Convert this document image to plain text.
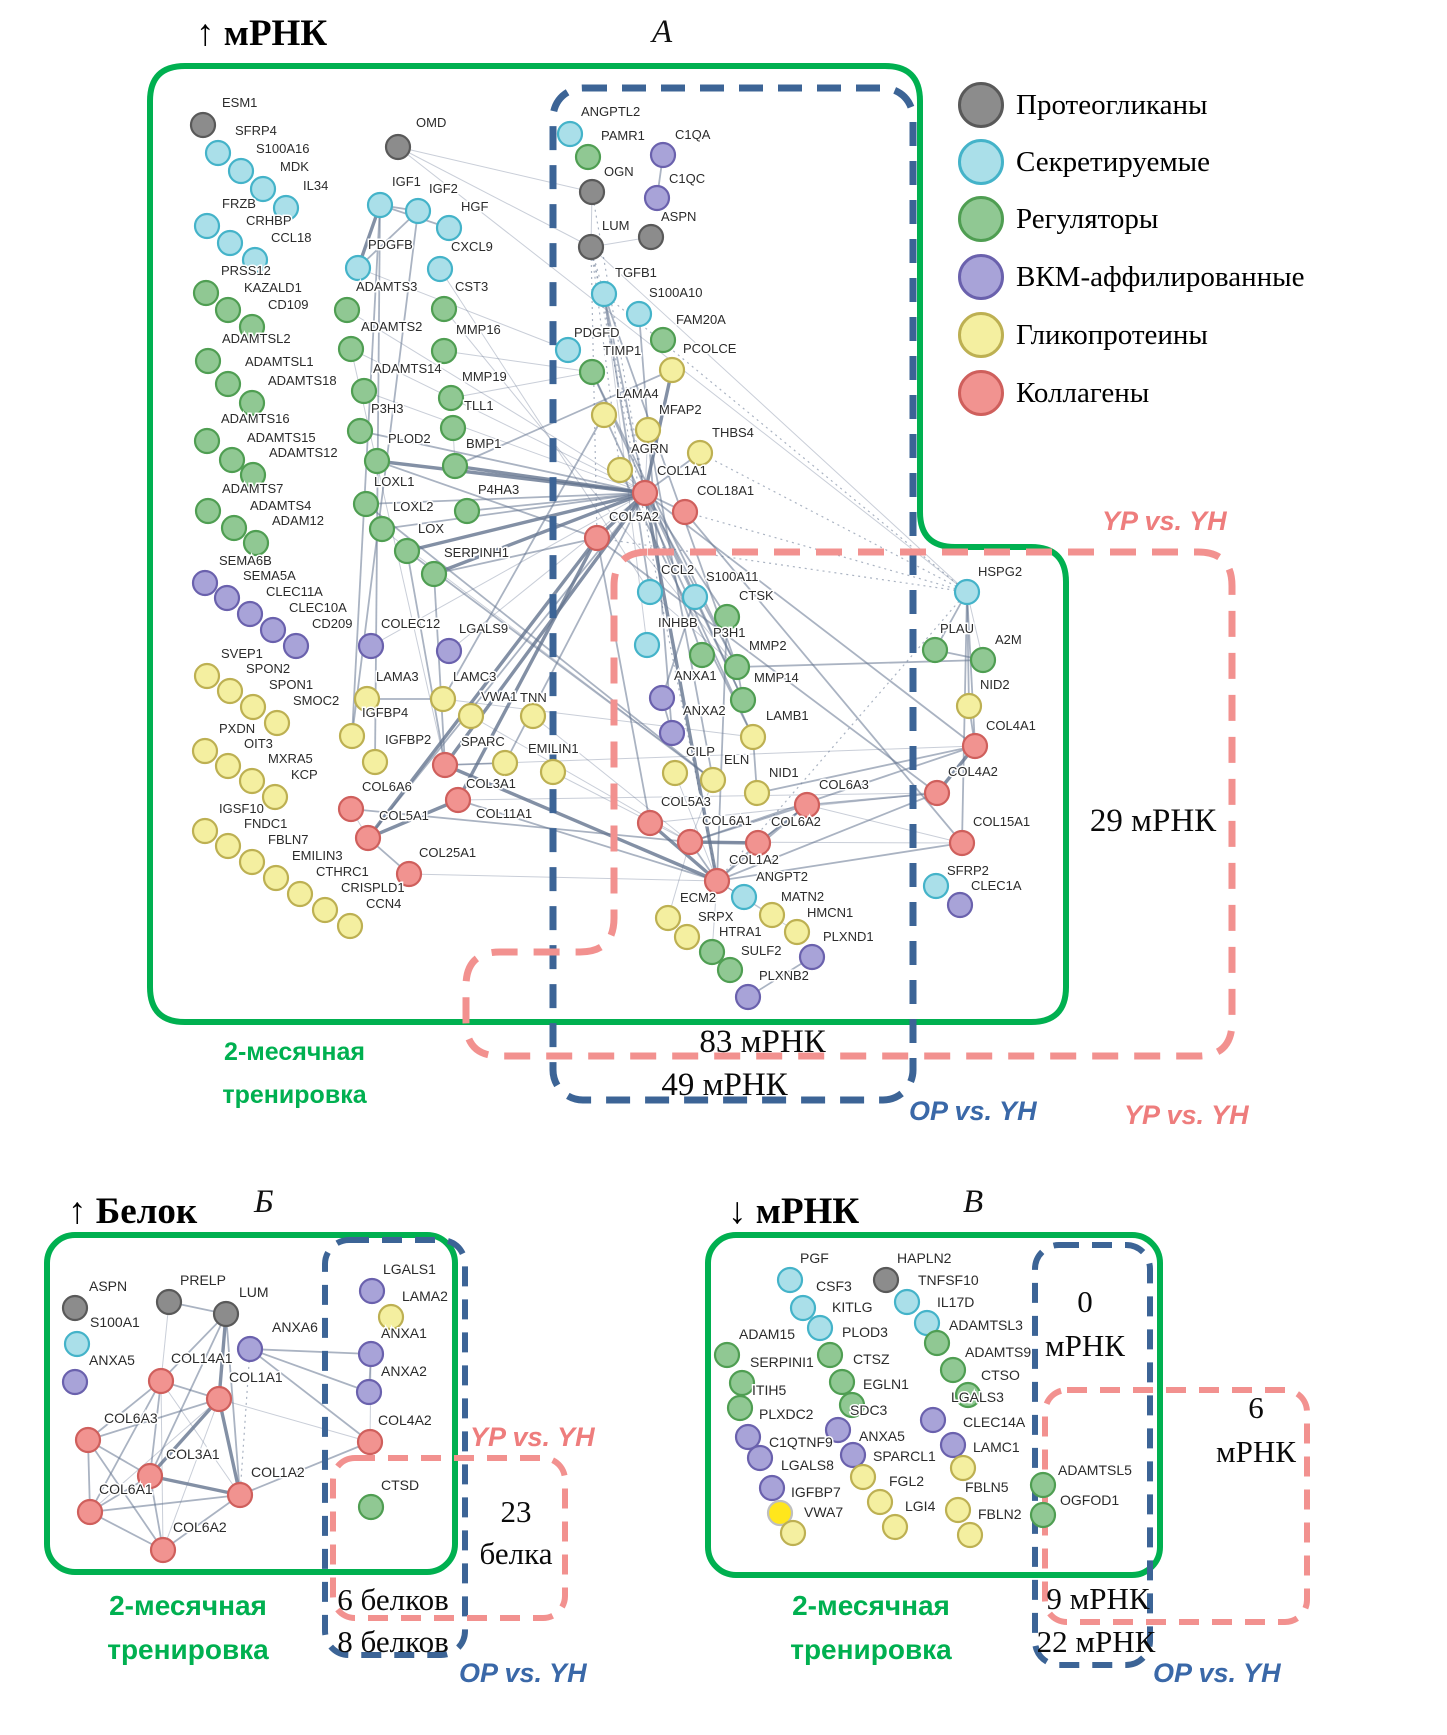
ESM1
SFRP4
S100A16
MDK
IL34
FRZB
CRHBP
CCL18
PRSS12
KAZALD1
CD109
ADAMTSL2
ADAMTSL1
ADAMTS18
ADAMTS16
ADAMTS15
ADAMTS12
ADAMTS7
ADAMTS4
ADAM12
SEMA6B
SEMA5A
CLEC11A
CLEC10A
CD209
SVEP1
SPON2
SPON1
SMOC2
PXDN
OIT3
MXRA5
KCP
IGSF10
FNDC1
FBLN7
EMILIN3
CTHRC1
CRISPLD1
CCN4
OMD
IGF1 IGF2
HGF
PDGFB	CXCL9
ADAMTS3	CST3
ADAMTS2	MMP16
ADAMTS14
MMP19
P3H3	TLL1
PLOD2	BMP1
LOXL1
LOXL2
P4HA3
LOX
SERPINH1
COLEC12 LGALS9
LAMA3	LAMC3
VWA1 TNN
IGFBP4
IGFBP2 SPARC EMILIN1
COL6A6
COL5A1
COL3A1
COL11A1
COL25A1
ANGPTL2
PAMR1 C1QA
OGN	C1QC
LUM
ASPN
TGFB1
S100A10
PDGFD
TIMP1
FAM20A
PCOLCE
LAMA4
MFAP2
THBS4
AGRN
COL1A1
COL18A1
COL5A2
CCL2 S100A11
CTSK
INHBB
P3H1
MMP2
ANXA1	MMP14
ANXA2	LAMB1
CILP
ELN
NID1
COL5A3
COL6A1 COL6A2
COL6A3
COL1A2
ANGPT2
ECM2
SRPX
HTRA1
SULF2
PLXNB2
PLXND1
MATN2
HMCN1
HSPG2
PLAU
A2M
NID2
COL4A1
COL4A2
COL15A1
SFRP2
CLEC1A
ASPN
S100A1
ANXA5
PRELP
LUM
ANXA6
COL14A1
COL1A1
COL6A3
COL3A1
COL1A2
COL6A1
COL6A2
COL4A2
LGALS1
LAMA2
ANXA1
ANXA2
CTSD
PGF
CSF3
KITLG
HAPLN2
TNFSF10
IL17D
ADAM15
SERPINI1
ITIH5
PLOD3
CTSZ
EGLN1
ADAMTSL3
ADAMTS9
CTSO
LGALS3
PLXDC2
C1QTNF9
LGALS8
IGFBP7
VWA7
SDC3
ANXA5
SPARCL1
FGL2
LGI4
CLEC14A
LAMC1
FBLN5
FBLN2
ADAMTSL5
OGFOD1
↑ мРНК	А
YP vs. YH
29 мРНК
83 мРНК
49 мРНК
OP vs. YH
2-месячная
тренировка
Протеогликаны
Секретируемые
Регуляторы
ВКМ-аффилированные
Гликопротеины
Коллагены
↑ Белок Б
YP vs. YH
23
белка
6 белков
8 белков
OP vs. YH
2-месячная
тренировка
↓ мРНК	В
YP vs. YH
0
мРНК
6
мРНК
9 мРНК
22 мРНК
OP vs. YH
2-месячная
тренировка
